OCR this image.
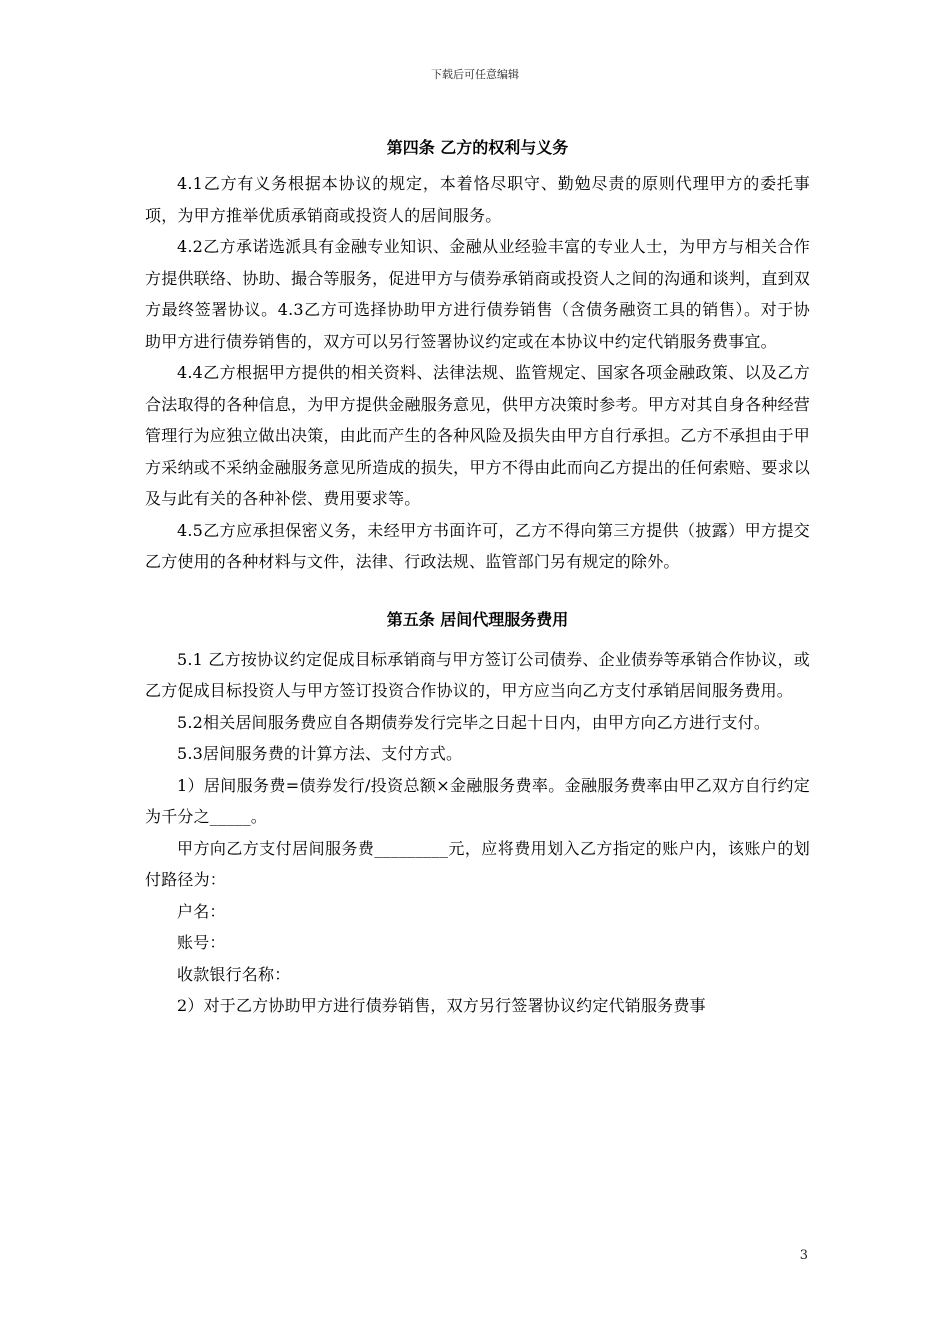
下载后可任意编辑
第四条 乙方的权利与义务

4.1乙方有义务根据本协议的规定，本着恪尽职守、勤勉尽责的原则代理甲方的委托事项，为甲方推举优质承销商或投资人的居间服务。

4.2乙方承诺选派具有金融专业知识、金融从业经验丰富的专业人士，为甲方与相关合作方提供联络、协助、撮合等服务，促进甲方与债券承销商或投资人之间的沟通和谈判，直到双方最终签署协议。4.3乙方可选择协助甲方进行债券销售（含债务融资工具的销售）。对于协助甲方进行债券销售的，双方可以另行签署协议约定或在本协议中约定代销服务费事宜。

4.4乙方根据甲方提供的相关资料、法律法规、监管规定、国家各项金融政策、以及乙方合法取得的各种信息，为甲方提供金融服务意见，供甲方决策时参考。甲方对其自身各种经营管理行为应独立做出决策，由此而产生的各种风险及损失由甲方自行承担。乙方不承担由于甲方采纳或不采纳金融服务意见所造成的损失，甲方不得由此而向乙方提出的任何索赔、要求以及与此有关的各种补偿、费用要求等。

4.5乙方应承担保密义务，未经甲方书面许可，乙方不得向第三方提供（披露）甲方提交乙方使用的各种材料与文件，法律、行政法规、监管部门另有规定的除外。

第五条 居间代理服务费用

5.1 乙方按协议约定促成目标承销商与甲方签订公司债券、企业债券等承销合作协议，或乙方促成目标投资人与甲方签订投资合作协议的，甲方应当向乙方支付承销居间服务费用。

5.2相关居间服务费应自各期债券发行完毕之日起十日内，由甲方向乙方进行支付。

5.3居间服务费的计算方法、支付方式。

1）居间服务费=债券发行/投资总额×金融服务费率。金融服务费率由甲乙双方自行约定为千分之_____。

甲方向乙方支付居间服务费_________元，应将费用划入乙方指定的账户内，该账户的划付路径为：

户名：

账号：

收款银行名称：

2）对于乙方协助甲方进行债券销售，双方另行签署协议约定代销服务费事

3
